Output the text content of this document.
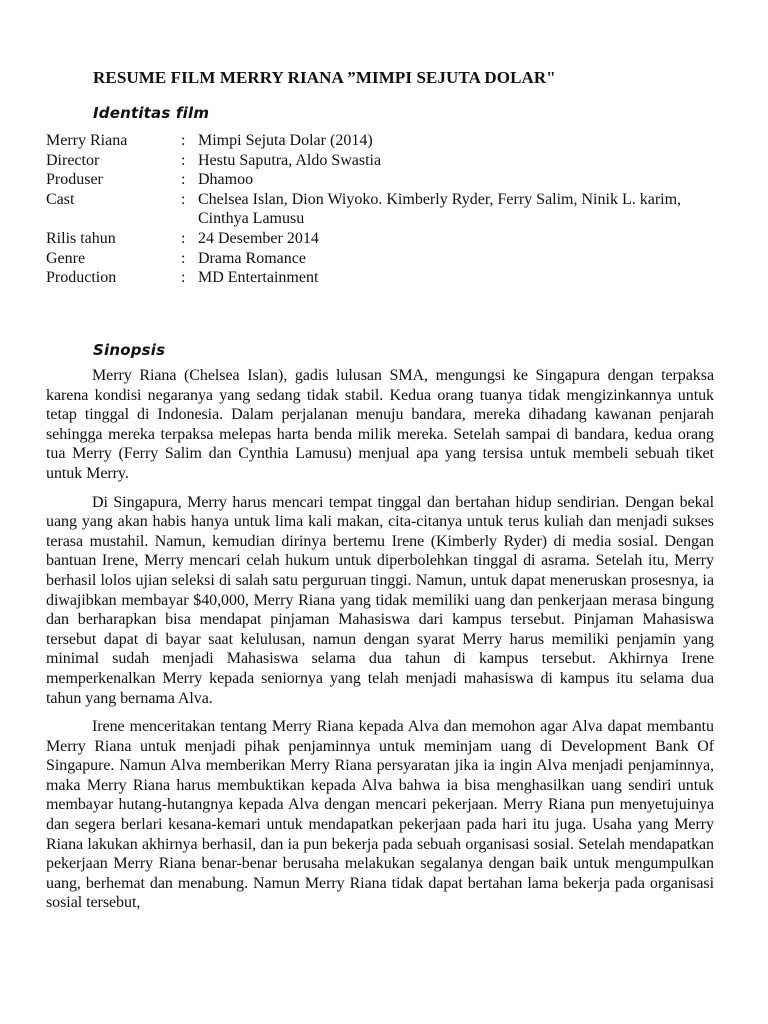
RESUME FILM MERRY RIANA ”MIMPI SEJUTA DOLAR"
Identitas film
Merry Riana	: Mimpi Sejuta Dolar (2014)
Director	: Hestu Saputra, Aldo Swastia
Produser	: Dhamoo
Cast	: Chelsea Islan, Dion Wiyoko. Kimberly Ryder, Ferry Salim, Ninik L. karim, Cinthya Lamusu
Rilis tahun	: 24 Desember 2014
Genre	: Drama Romance
Production	: MD Entertainment
Sinopsis

Merry Riana (Chelsea Islan), gadis lulusan SMA, mengungsi ke Singapura dengan terpaksa karena kondisi negaranya yang sedang tidak stabil. Kedua orang tuanya tidak mengizinkannya untuk tetap tinggal di Indonesia. Dalam perjalanan menuju bandara, mereka dihadang kawanan penjarah sehingga mereka terpaksa melepas harta benda milik mereka. Setelah sampai di bandara, kedua orang tua Merry (Ferry Salim dan Cynthia Lamusu) menjual apa yang tersisa untuk membeli sebuah tiket untuk Merry.

Di Singapura, Merry harus mencari tempat tinggal dan bertahan hidup sendirian. Dengan bekal uang yang akan habis hanya untuk lima kali makan, cita-citanya untuk terus kuliah dan menjadi sukses terasa mustahil. Namun, kemudian dirinya bertemu Irene (Kimberly Ryder) di media sosial. Dengan bantuan Irene, Merry mencari celah hukum untuk diperbolehkan tinggal di asrama. Setelah itu, Merry berhasil lolos ujian seleksi di salah satu perguruan tinggi. Namun, untuk dapat meneruskan prosesnya, ia diwajibkan membayar $40,000, Merry Riana yang tidak memiliki uang dan penkerjaan merasa bingung dan berharapkan bisa mendapat pinjaman Mahasiswa dari kampus tersebut. Pinjaman Mahasiswa tersebut dapat di bayar saat kelulusan, namun dengan syarat Merry harus memiliki penjamin yang minimal sudah menjadi Mahasiswa selama dua tahun di kampus tersebut. Akhirnya Irene memperkenalkan Merry kepada seniornya yang telah menjadi mahasiswa di kampus itu selama dua tahun yang bernama Alva.

Irene menceritakan tentang Merry Riana kepada Alva dan memohon agar Alva dapat membantu Merry Riana untuk menjadi pihak penjaminnya untuk meminjam uang di Development Bank Of Singapure. Namun Alva memberikan Merry Riana persyaratan jika ia ingin Alva menjadi penjaminnya, maka Merry Riana harus membuktikan kepada Alva bahwa ia bisa menghasilkan uang sendiri untuk membayar hutang-hutangnya kepada Alva dengan mencari pekerjaan. Merry Riana pun menyetujuinya dan segera berlari kesana-kemari untuk mendapatkan pekerjaan pada hari itu juga. Usaha yang Merry Riana lakukan akhirnya berhasil, dan ia pun bekerja pada sebuah organisasi sosial. Setelah mendapatkan pekerjaan Merry Riana benar-benar berusaha melakukan segalanya dengan baik untuk mengumpulkan uang, berhemat dan menabung. Namun Merry Riana tidak dapat bertahan lama bekerja pada organisasi sosial tersebut,
